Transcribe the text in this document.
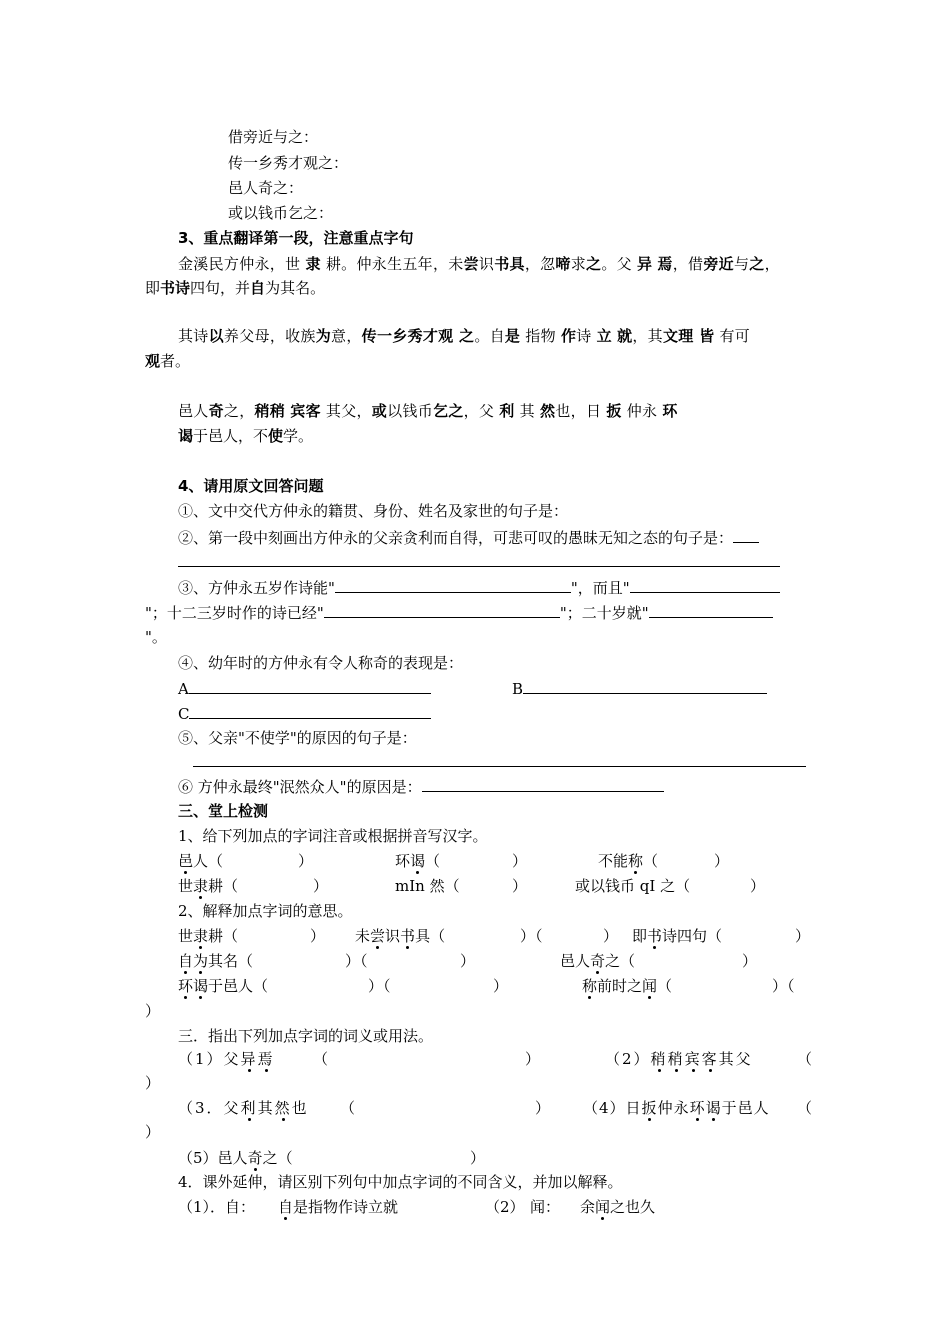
借旁近与之：
传一乡秀才观之：
邑人奇之：
或以钱币乞之：
3、重点翻译第一段，注意重点字句
金溪民方仲永，世 隶 耕。仲永生五年，未尝识书具，忽啼求之。父 异 焉，借旁近与之，
即书诗四句，并自为其名。
其诗以养父母，收族为意，传一乡秀才观 之。自是 指物 作诗 立 就，其文理 皆 有可
观者。
邑人奇之，稍稍 宾客 其父，或以钱币乞之，父 利 其 然也，日 扳 仲永 环
谒于邑人，不使学。
4、请用原文回答问题
①、文中交代方仲永的籍贯、身份、姓名及家世的句子是：
②、第一段中刻画出方仲永的父亲贪利而自得，可悲可叹的愚昧无知之态的句子是：
③、方仲永五岁作诗能"	"，而且"
"；十二三岁时作的诗已经"	"；二十岁就"
"。
④、幼年时的方仲永有令人称奇的表现是：
A	B
C
⑤、父亲"不使学"的原因的句子是：
⑥ 方仲永最终"泯然众人"的原因是：
三、堂上检测
1、给下列加点的字词注音或根据拼音写汉字。
邑人（	）	环谒（	）	不能称（	）
世隶耕（	）	mIn 然（	）	或以钱币 qI 之（	）
2、解释加点字词的意思。
世隶耕（	） 未尝识书具（	）（	） 即书诗四句（	）
自为其名（	）（	）	邑人奇之（	）
环谒于邑人（	）（	）	称前时之闻（	）（
）
三．指出下列加点字词的词义或用法。
（1）父异焉	（	）	（2）稍稍宾客其父	（
）
（3．父利其然也 （	） （4）日扳仲永环谒于邑人 （
）
（5）邑人奇之（	）
4．课外延伸，请区别下列句中加点字词的不同含义，并加以解释。
（1）．自： 自是指物作诗立就	（2） 闻： 余闻之也久
